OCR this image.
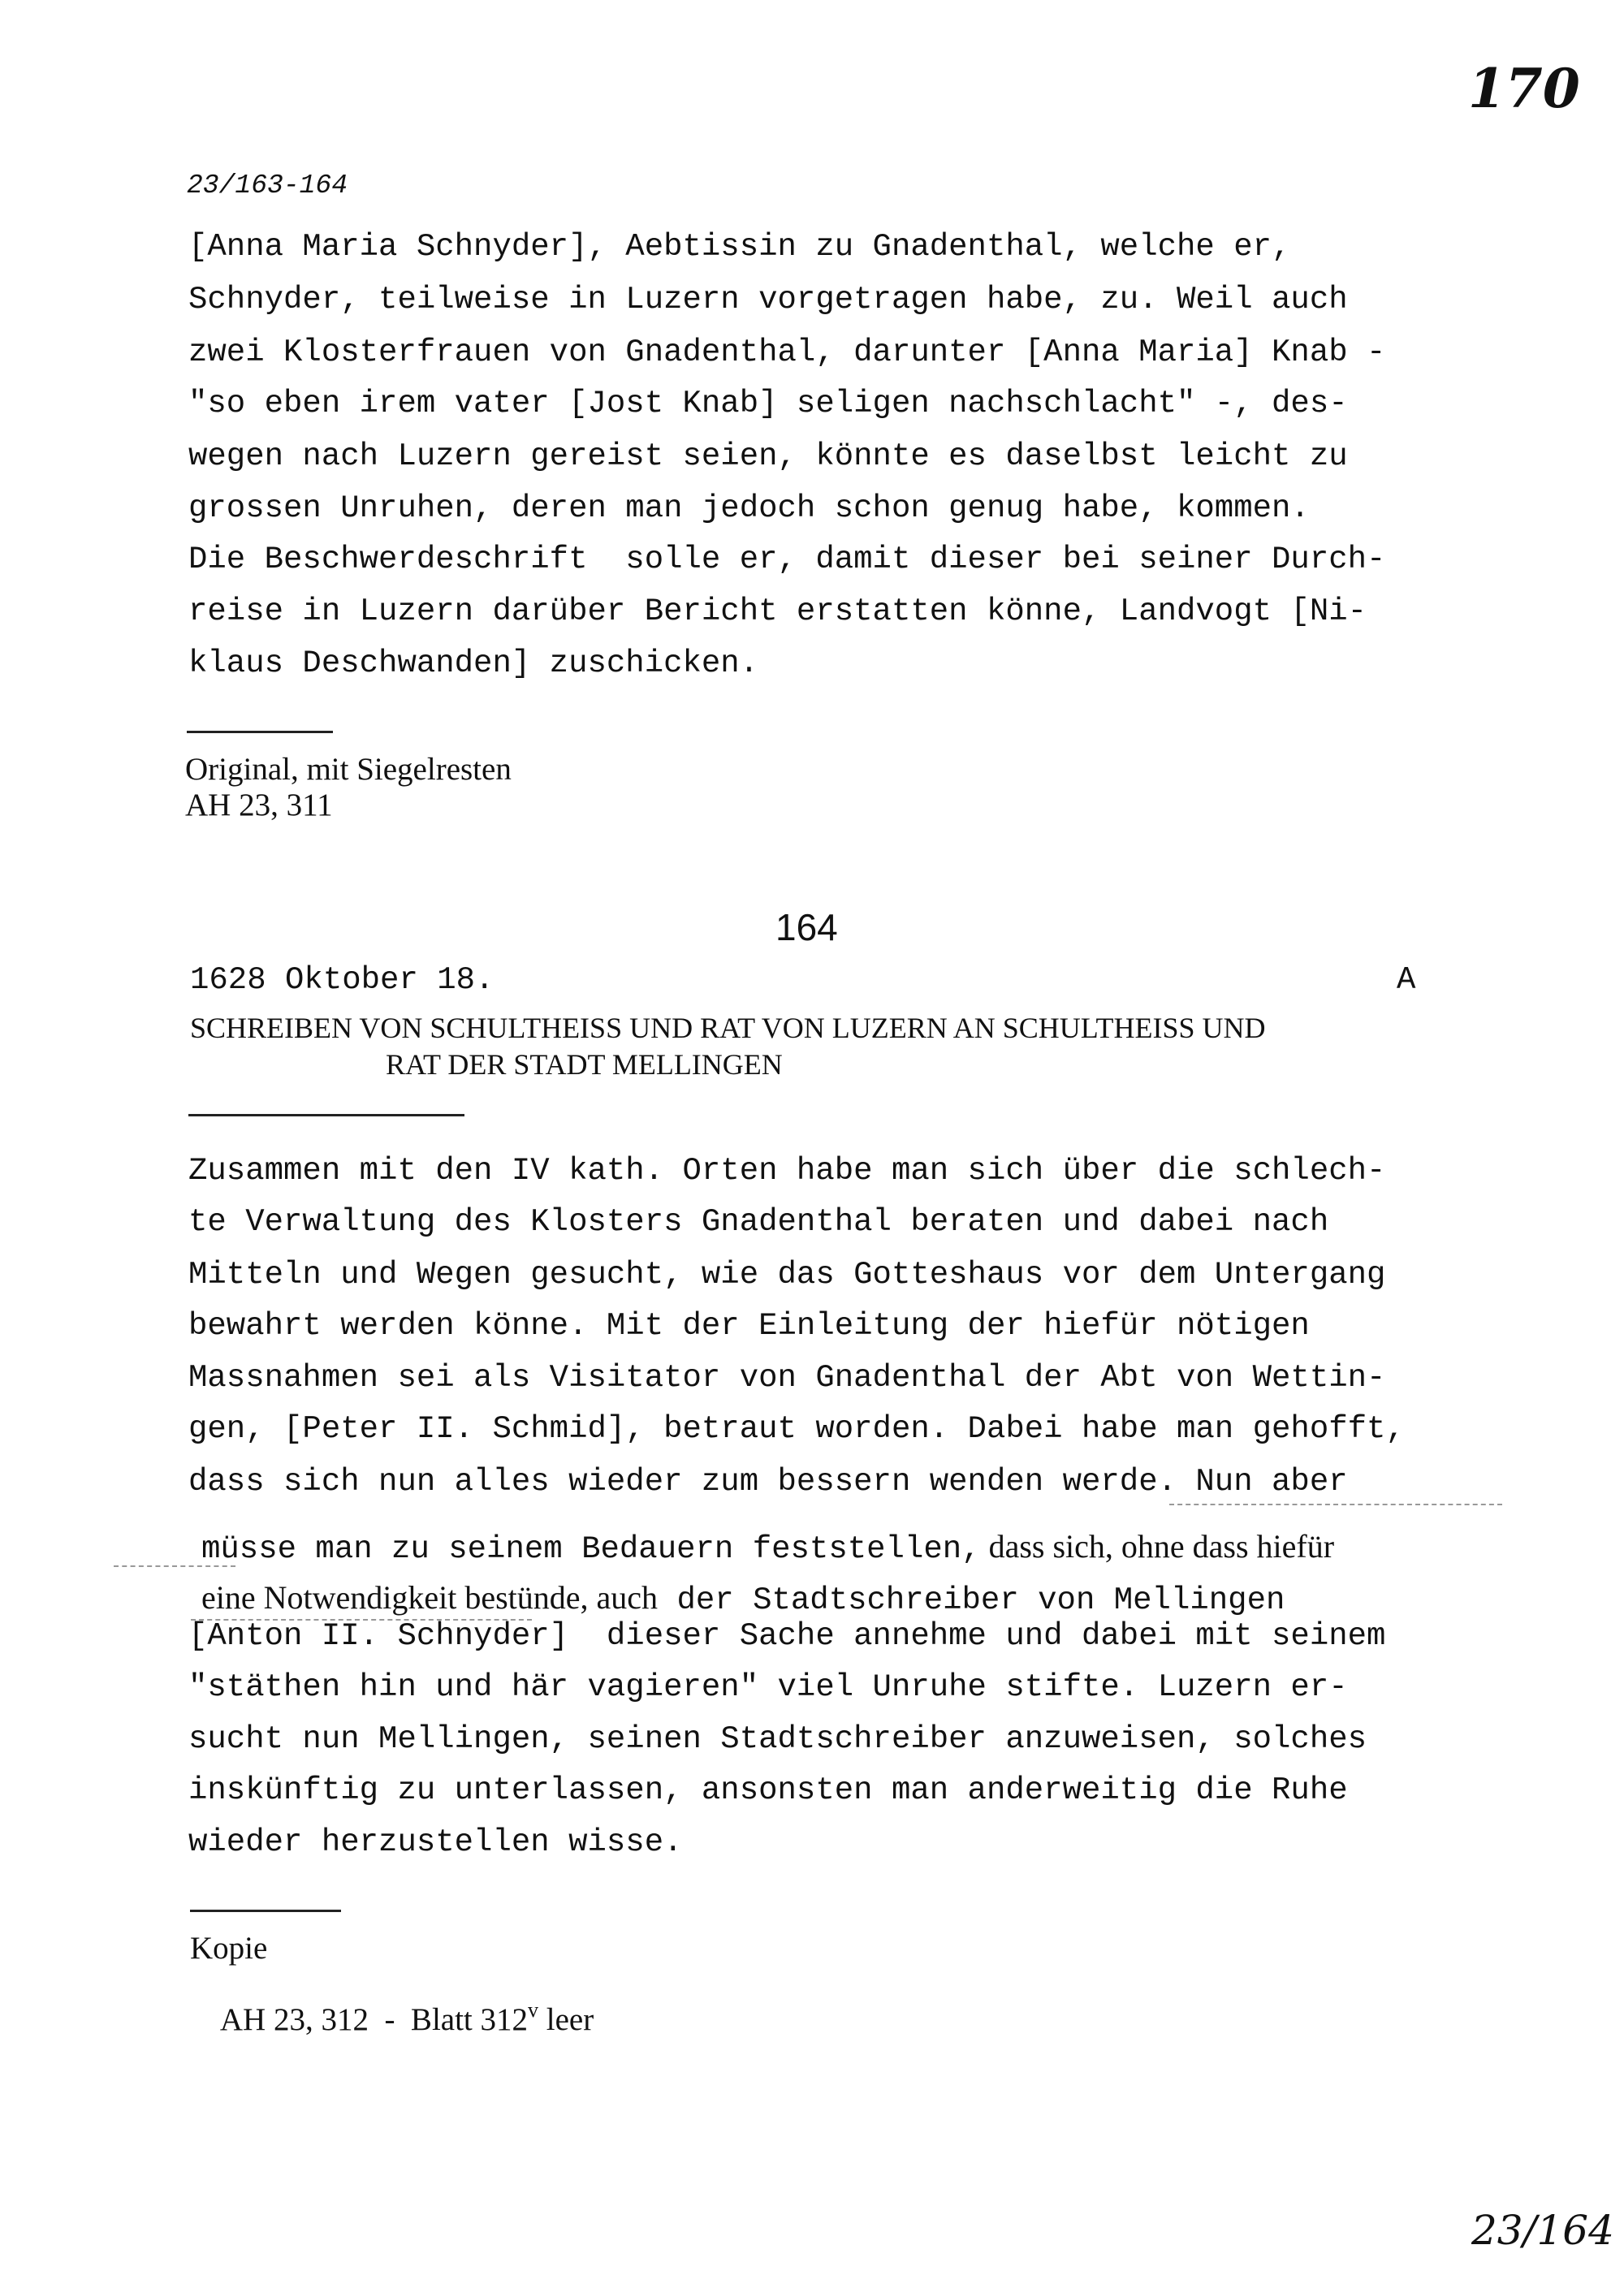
170
23/163-164
[Anna Maria Schnyder], Aebtissin zu Gnadenthal, welche er,
Schnyder, teilweise in Luzern vorgetragen habe, zu. Weil auch
zwei Klosterfrauen von Gnadenthal, darunter [Anna Maria] Knab -
"so eben irem vater [Jost Knab] seligen nachschlacht" -, des-
wegen nach Luzern gereist seien, könnte es daselbst leicht zu
grossen Unruhen, deren man jedoch schon genug habe, kommen.
Die Beschwerdeschrift  solle er, damit dieser bei seiner Durch-
reise in Luzern darüber Bericht erstatten könne, Landvogt [Ni-
klaus Deschwanden] zuschicken.
Original, mit Siegelresten
AH 23, 311
164
1628 Oktober 18.	A
SCHREIBEN VON SCHULTHEISS UND RAT VON LUZERN AN SCHULTHEISS UND
RAT DER STADT MELLINGEN
Zusammen mit den IV kath. Orten habe man sich über die schlech-
te Verwaltung des Klosters Gnadenthal beraten und dabei nach
Mitteln und Wegen gesucht, wie das Gotteshaus vor dem Untergang
bewahrt werden könne. Mit der Einleitung der hiefür nötigen
Massnahmen sei als Visitator von Gnadenthal der Abt von Wettin-
gen, [Peter II. Schmid], betraut worden. Dabei habe man gehofft,
dass sich nun alles wieder zum bessern wenden werde. Nun aber

müsse man zu seinem Bedauern feststellen, dass sich, ohne dass hiefür

eine Notwendigkeit bestünde, auch der Stadtschreiber von Mellingen

[Anton II. Schnyder]  dieser Sache annehme und dabei mit seinem
"stäthen hin und här vagieren" viel Unruhe stifte. Luzern er-
sucht nun Mellingen, seinen Stadtschreiber anzuweisen, solches
inskünftig zu unterlassen, ansonsten man anderweitig die Ruhe
wieder herzustellen wisse.
Kopie

AH 23, 312  -  Blatt 312$^v$ leer

23/164
